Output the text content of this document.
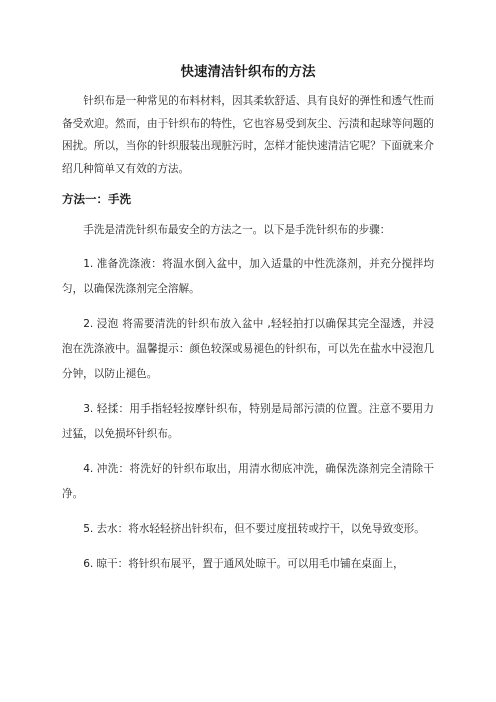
快速清洁针织布的方法

针织布是一种常见的布料材料，因其柔软舒适、具有良好的弹性和透气性而备受欢迎。然而，由于针织布的特性，它也容易受到灰尘、污渍和起球等问题的困扰。所以，当你的针织服装出现脏污时，怎样才能快速清洁它呢？下面就来介绍几种简单又有效的方法。

方法一：手洗

手洗是清洗针织布最安全的方法之一。以下是手洗针织布的步骤：

1. 准备洗涤液：将温水倒入盆中，加入适量的中性洗涤剂，并充分搅拌均匀，以确保洗涤剂完全溶解。

2. 浸泡 将需要清洗的针织布放入盆中 ,轻轻拍打以确保其完全湿透，并浸泡在洗涤液中。温馨提示：颜色较深或易褪色的针织布，可以先在盐水中浸泡几分钟，以防止褪色。

3. 轻揉：用手指轻轻按摩针织布，特别是局部污渍的位置。注意不要用力过猛，以免损坏针织布。

4. 冲洗：将洗好的针织布取出，用清水彻底冲洗，确保洗涤剂完全清除干净。

5. 去水：将水轻轻挤出针织布，但不要过度扭转或拧干，以免导致变形。

6. 晾干：将针织布展平，置于通风处晾干。可以用毛巾铺在桌面上，
